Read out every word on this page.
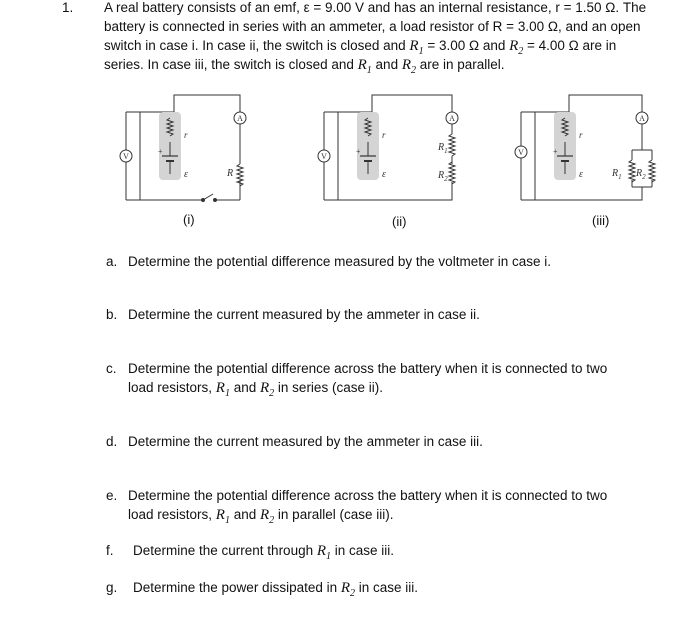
1. A real battery consists of an emf, ε = 9.00 V and has an internal resistance, r = 1.50 Ω. The
battery is connected in series with an ammeter, a load resistor of R = 3.00 Ω, and an open
switch in case i. In case ii, the switch is closed and $R_1 = 3.00$ Ω and $R_2 = 4.00$ Ω are in
series. In case iii, the switch is closed and $R_1$ and $R_2$ are in parallel.
V
A
r
+
ε	R
V
A
r
+
ε
$R_1$
$R_2$
V
A
r
+
ε	$R_1$ $R_2$
(i)	(ii)	(iii)
a. Determine the potential difference measured by the voltmeter in case i.
b. Determine the current measured by the ammeter in case ii.
c. Determine the potential difference across the battery when it is connected to two
load resistors, $R_1$ and $R_2$ in series (case ii).
d. Determine the current measured by the ammeter in case iii.
e. Determine the potential difference across the battery when it is connected to two
load resistors, $R_1$ and $R_2$ in parallel (case iii).
f. Determine the current through $R_1$ in case iii.
g. Determine the power dissipated in $R_2$ in case iii.
